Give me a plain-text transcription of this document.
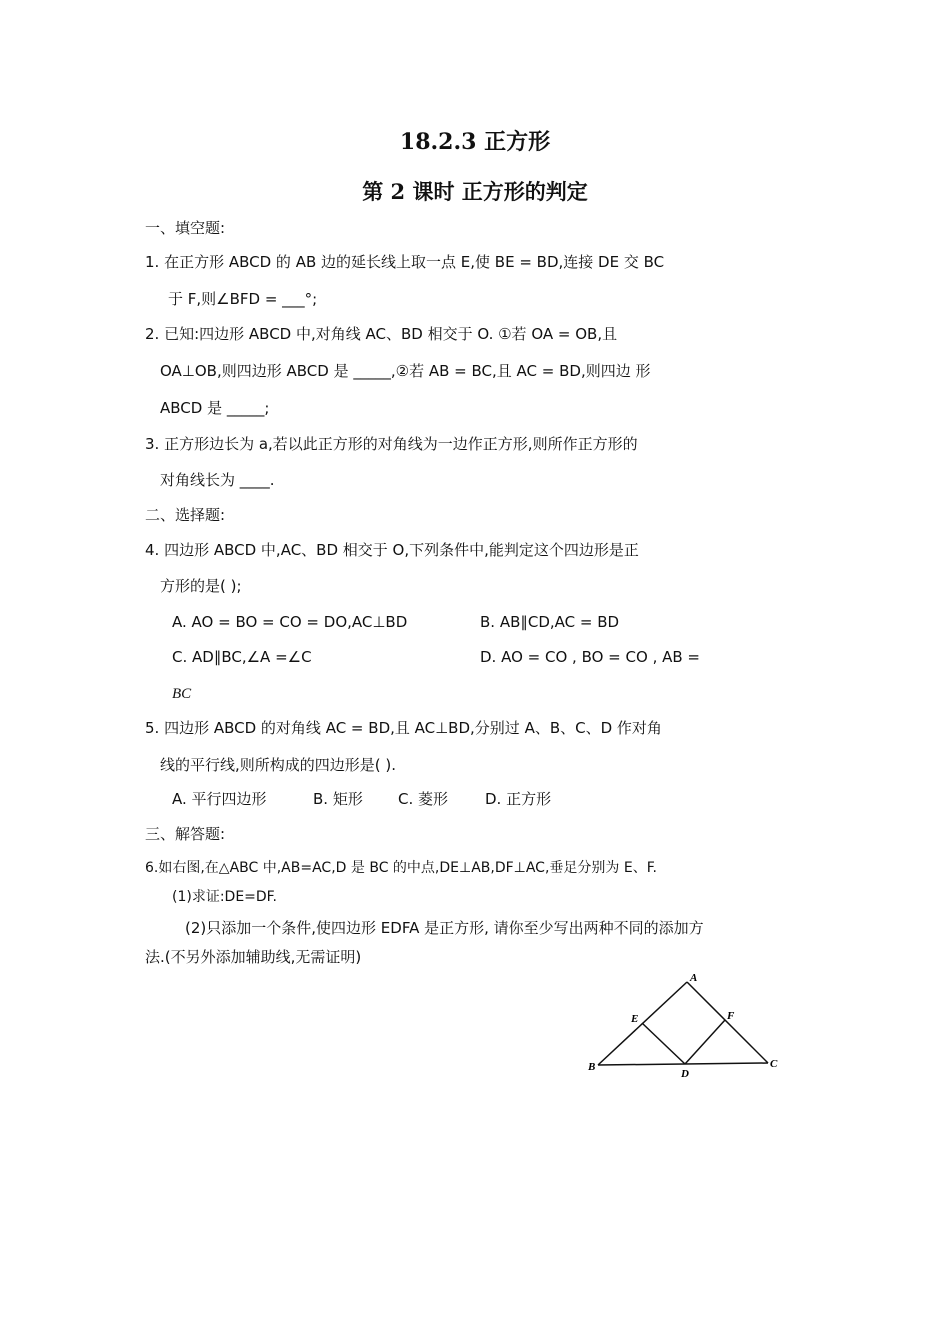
18.2.3 正方形
第 2 课时 正方形的判定
一、填空题:
1. 在正方形 ABCD 的 AB 边的延长线上取一点 E,使 BE = BD,连接 DE 交 BC
于 F,则∠BFD = ___°;
2. 已知:四边形 ABCD 中,对角线 AC、BD 相交于 O. ①若 OA = OB,且
OA⊥OB,则四边形 ABCD 是 _____,②若 AB = BC,且 AC = BD,则四边 形
ABCD 是 _____;
3. 正方形边长为 a,若以此正方形的对角线为一边作正方形,则所作正方形的
对角线长为 ____.
二、选择题:
4. 四边形 ABCD 中,AC、BD 相交于 O,下列条件中,能判定这个四边形是正
方形的是( );
A. AO = BO = CO = DO,AC⊥BD	B. AB∥CD,AC = BD
C. AD∥BC,∠A =∠C	D. AO = CO , BO = CO , AB =
BC
5. 四边形 ABCD 的对角线 AC = BD,且 AC⊥BD,分别过 A、B、C、D 作对角
线的平行线,则所构成的四边形是( ).
A. 平行四边形	B. 矩形 C. 菱形 D. 正方形
三、解答题:
6.如右图,在△ABC 中,AB=AC,D 是 BC 的中点,DE⊥AB,DF⊥AC,垂足分别为 E、F.
(1)求证:DE=DF.
(2)只添加一个条件,使四边形 EDFA 是正方形, 请你至少写出两种不同的添加方
法.(不另外添加辅助线,无需证明)
A
B	C
D
E	F
